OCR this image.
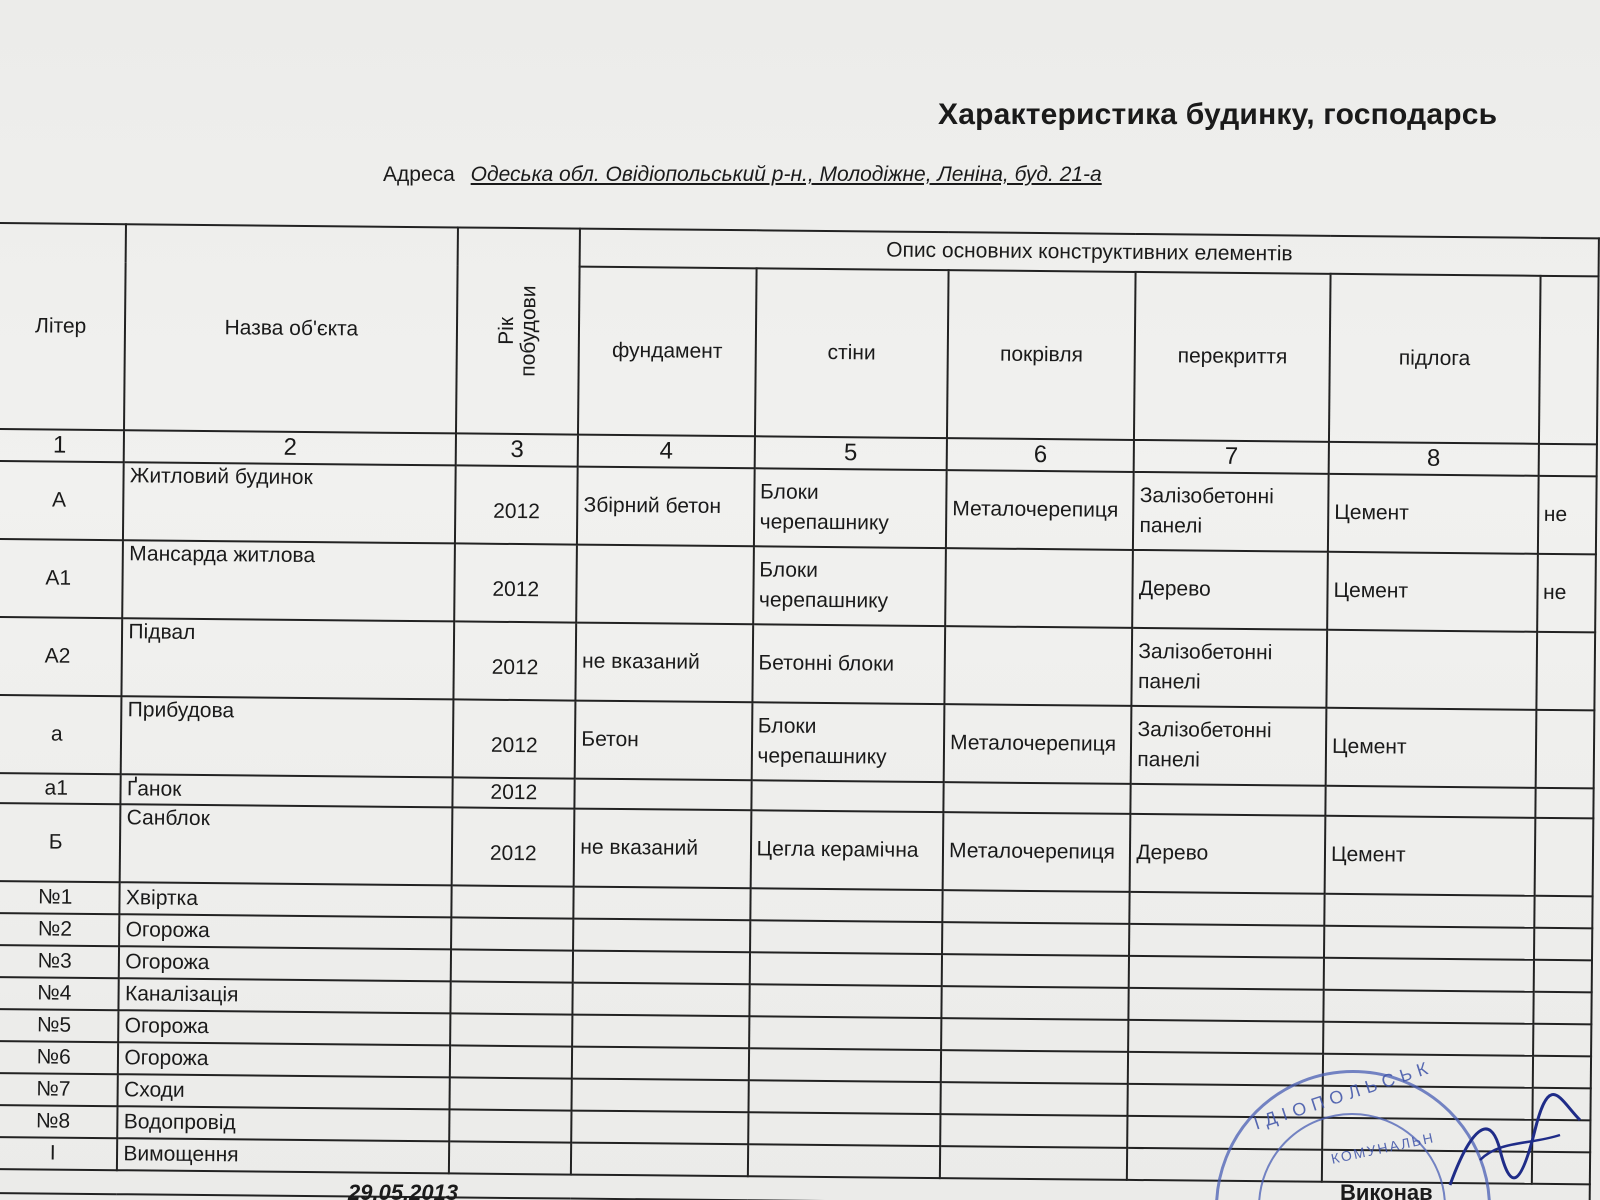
Характеристика будинку, господарсь
Адреса Одеська обл. Овідіопольський р-н., Молодіжне, Леніна, буд. 21-а
Літер	Назва об'єкта	Рік побудови	Опис основних конструктивних елементів					
			фундамент	стіни	покрівля	перекриття	підлога	
1	2	3	4	5	6	7	8	
А	Житловий будинок	2012	Збірний бетон	Блоки черепашнику	Металочерепиця	Залізобетонні панелі	Цемент	не
А1	Мансарда житлова	2012		Блоки черепашнику		Дерево	Цемент	не
А2	Підвал	2012	не вказаний	Бетонні блоки		Залізобетонні панелі		
а	Прибудова	2012	Бетон	Блоки черепашнику	Металочерепиця	Залізобетонні панелі	Цемент	
а1	Ґанок	2012						
Б	Санблок	2012	не вказаний	Цегла керамічна	Металочерепиця	Дерево	Цемент	
№1	Хвіртка							
№2	Огорожа							
№3	Огорожа							
№4	Каналізація							
№5	Огорожа							
№6	Огорожа							
№7	Сходи							
№8	Водопровід							
I	Вимощення							

ІДІОПОЛЬСЬК
КОМУНАЛЬН
29.05.2013	Виконав
